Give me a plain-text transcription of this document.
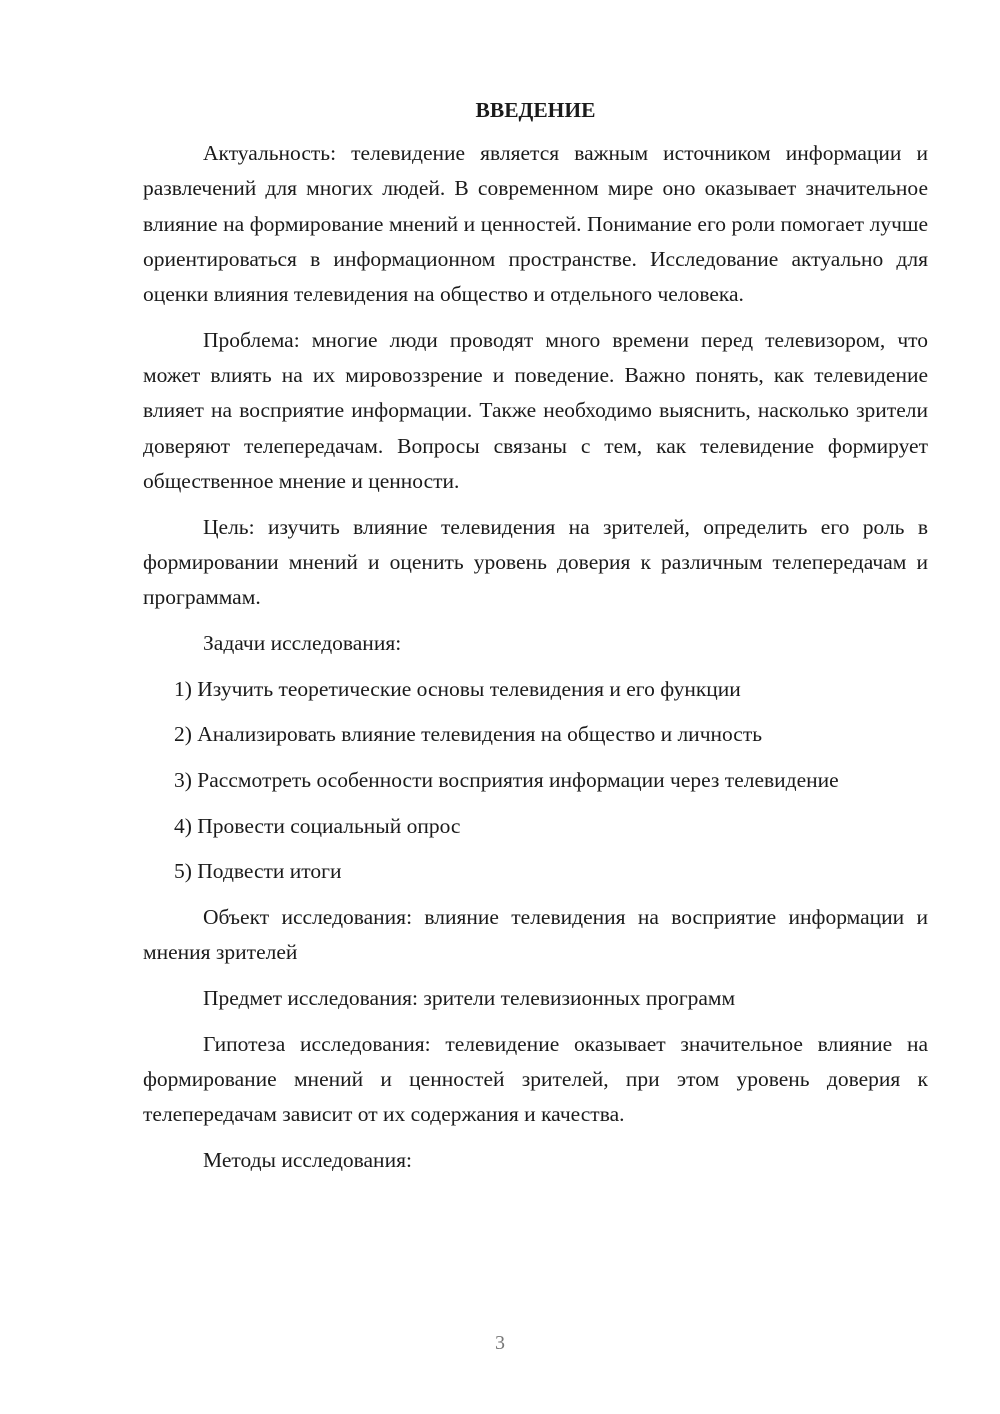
ВВЕДЕНИЕ

Актуальность: телевидение является важным источником информации и развлечений для многих людей. В современном мире оно оказывает значительное влияние на формирование мнений и ценностей. Понимание его роли помогает лучше ориентироваться в информационном пространстве. Исследование актуально для оценки влияния телевидения на общество и отдельного человека.

Проблема: многие люди проводят много времени перед телевизором, что может влиять на их мировоззрение и поведение. Важно понять, как телевидение влияет на восприятие информации. Также необходимо выяснить, насколько зрители доверяют телепередачам. Вопросы связаны с тем, как телевидение формирует общественное мнение и ценности.

Цель: изучить влияние телевидения на зрителей, определить его роль в формировании мнений и оценить уровень доверия к различным телепередачам и программам.

Задачи исследования:

1) Изучить теоретические основы телевидения и его функции

2) Анализировать влияние телевидения на общество и личность

3) Рассмотреть особенности восприятия информации через телевидение

4) Провести социальный опрос

5) Подвести итоги

Объект исследования: влияние телевидения на восприятие информации и мнения зрителей

Предмет исследования: зрители телевизионных программ

Гипотеза исследования: телевидение оказывает значительное влияние на формирование мнений и ценностей зрителей, при этом уровень доверия к телепередачам зависит от их содержания и качества.

Методы исследования:

3
